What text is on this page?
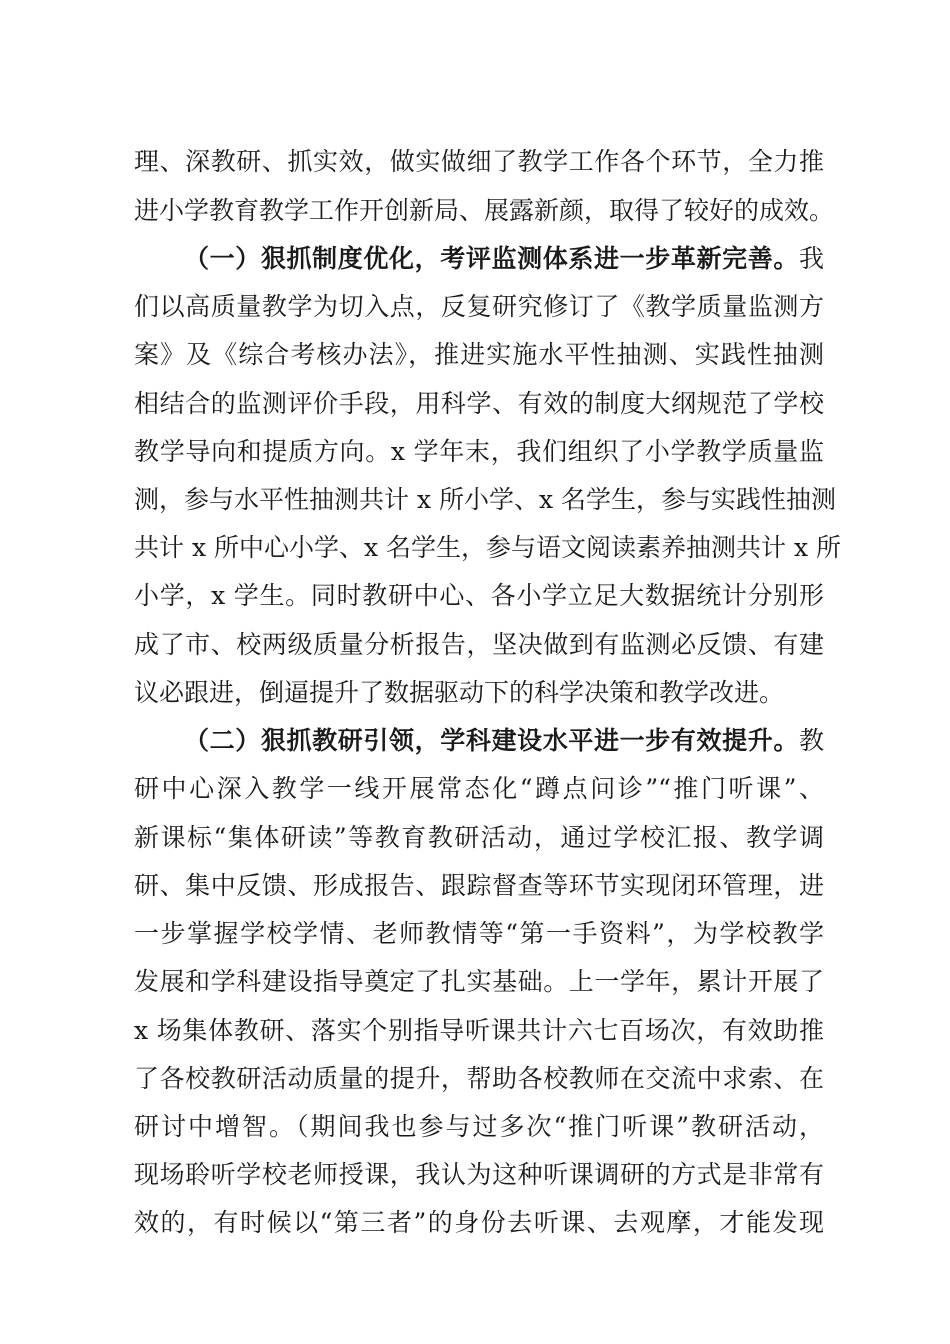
理、深教研、抓实效，做实做细了教学工作各个环节，全力推
进小学教育教学工作开创新局、展露新颜，取得了较好的成效。
（一）狠抓制度优化，考评监测体系进一步革新完善。我
们以高质量教学为切入点，反复研究修订了《教学质量监测方
案》及《综合考核办法》，推进实施水平性抽测、实践性抽测
相结合的监测评价手段，用科学、有效的制度大纲规范了学校
教学导向和提质方向。x 学年末，我们组织了小学教学质量监
测，参与水平性抽测共计 x 所小学、x 名学生，参与实践性抽测
共计 x 所中心小学、x 名学生，参与语文阅读素养抽测共计 x 所
小学，x 学生。同时教研中心、各小学立足大数据统计分别形
成了市、校两级质量分析报告，坚决做到有监测必反馈、有建
议必跟进，倒逼提升了数据驱动下的科学决策和教学改进。
（二）狠抓教研引领，学科建设水平进一步有效提升。教
研中心深入教学一线开展常态化“蹲点问诊”“推门听课”、
新课标“集体研读”等教育教研活动，通过学校汇报、教学调
研、集中反馈、形成报告、跟踪督查等环节实现闭环管理，进
一步掌握学校学情、老师教情等“第一手资料”，为学校教学
发展和学科建设指导奠定了扎实基础。上一学年，累计开展了
x 场集体教研、落实个别指导听课共计六七百场次，有效助推
了各校教研活动质量的提升，帮助各校教师在交流中求索、在
研讨中增智。（期间我也参与过多次“推门听课”教研活动，
现场聆听学校老师授课，我认为这种听课调研的方式是非常有
效的，有时候以“第三者”的身份去听课、去观摩，才能发现
